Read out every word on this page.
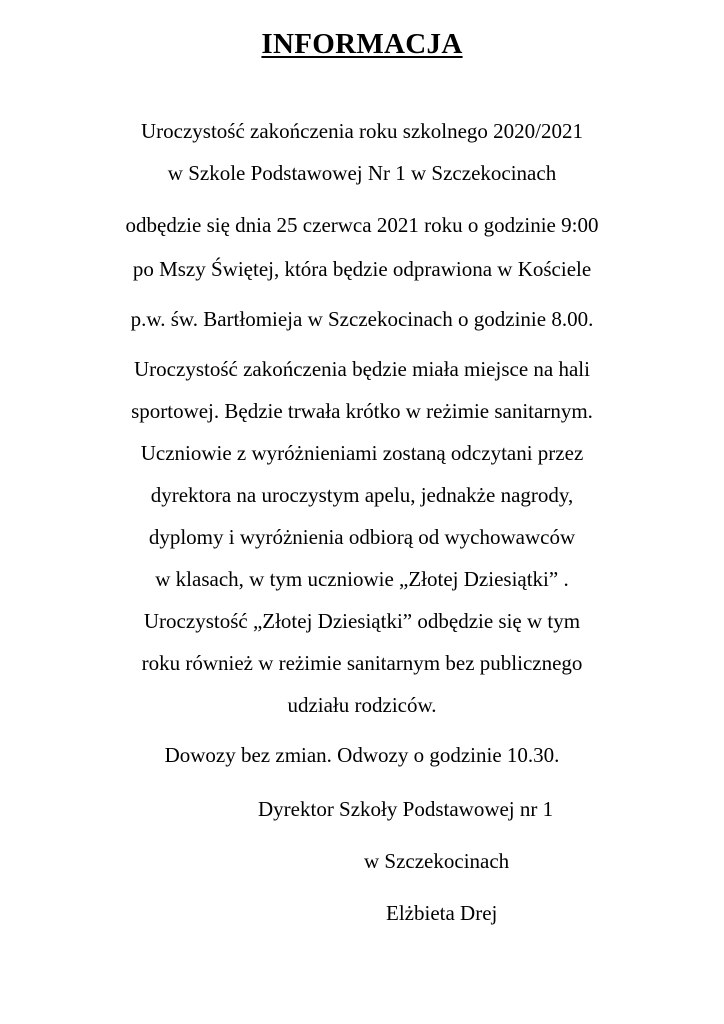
INFORMACJA
Uroczystość zakończenia roku szkolnego 2020/2021
w Szkole Podstawowej Nr 1 w Szczekocinach
odbędzie się dnia 25 czerwca 2021 roku o godzinie 9:00
po Mszy Świętej, która będzie odprawiona w Kościele
p.w. św. Bartłomieja w Szczekocinach o godzinie 8.00.
Uroczystość zakończenia będzie miała miejsce na hali
sportowej. Będzie trwała krótko w reżimie sanitarnym.
Uczniowie z wyróżnieniami zostaną odczytani przez
dyrektora na uroczystym apelu, jednakże nagrody,
dyplomy i wyróżnienia odbiorą od wychowawców
w klasach, w tym uczniowie „Złotej Dziesiątki” .
Uroczystość „Złotej Dziesiątki” odbędzie się w tym
roku również w reżimie sanitarnym bez publicznego
udziału rodziców.
Dowozy bez zmian. Odwozy o godzinie 10.30.
Dyrektor Szkoły Podstawowej nr 1
w Szczekocinach
Elżbieta Drej
